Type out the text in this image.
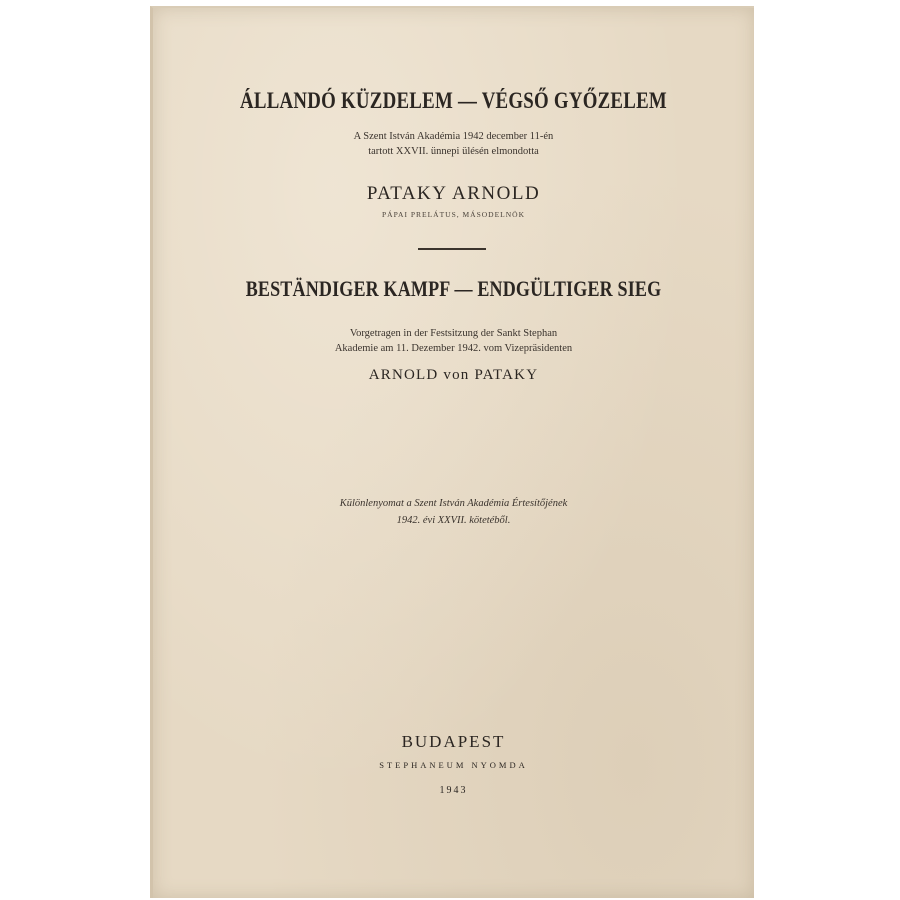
ÁLLANDÓ KÜZDELEM — VÉGSŐ GYŐZELEM
A Szent István Akadémia 1942 december 11-én
tartott XXVII. ünnepi ülésén elmondotta
PATAKY ARNOLD
PÁPAI PRELÁTUS, MÁSODELNÖK
BESTÄNDIGER KAMPF — ENDGÜLTIGER SIEG
Vorgetragen in der Festsitzung der Sankt Stephan
Akademie am 11. Dezember 1942. vom Vizepräsidenten
ARNOLD von PATAKY
Különlenyomat a Szent István Akadémia Értesítőjének
1942. évi XXVII. kötetéből.
BUDAPEST
STEPHANEUM NYOMDA
1943
